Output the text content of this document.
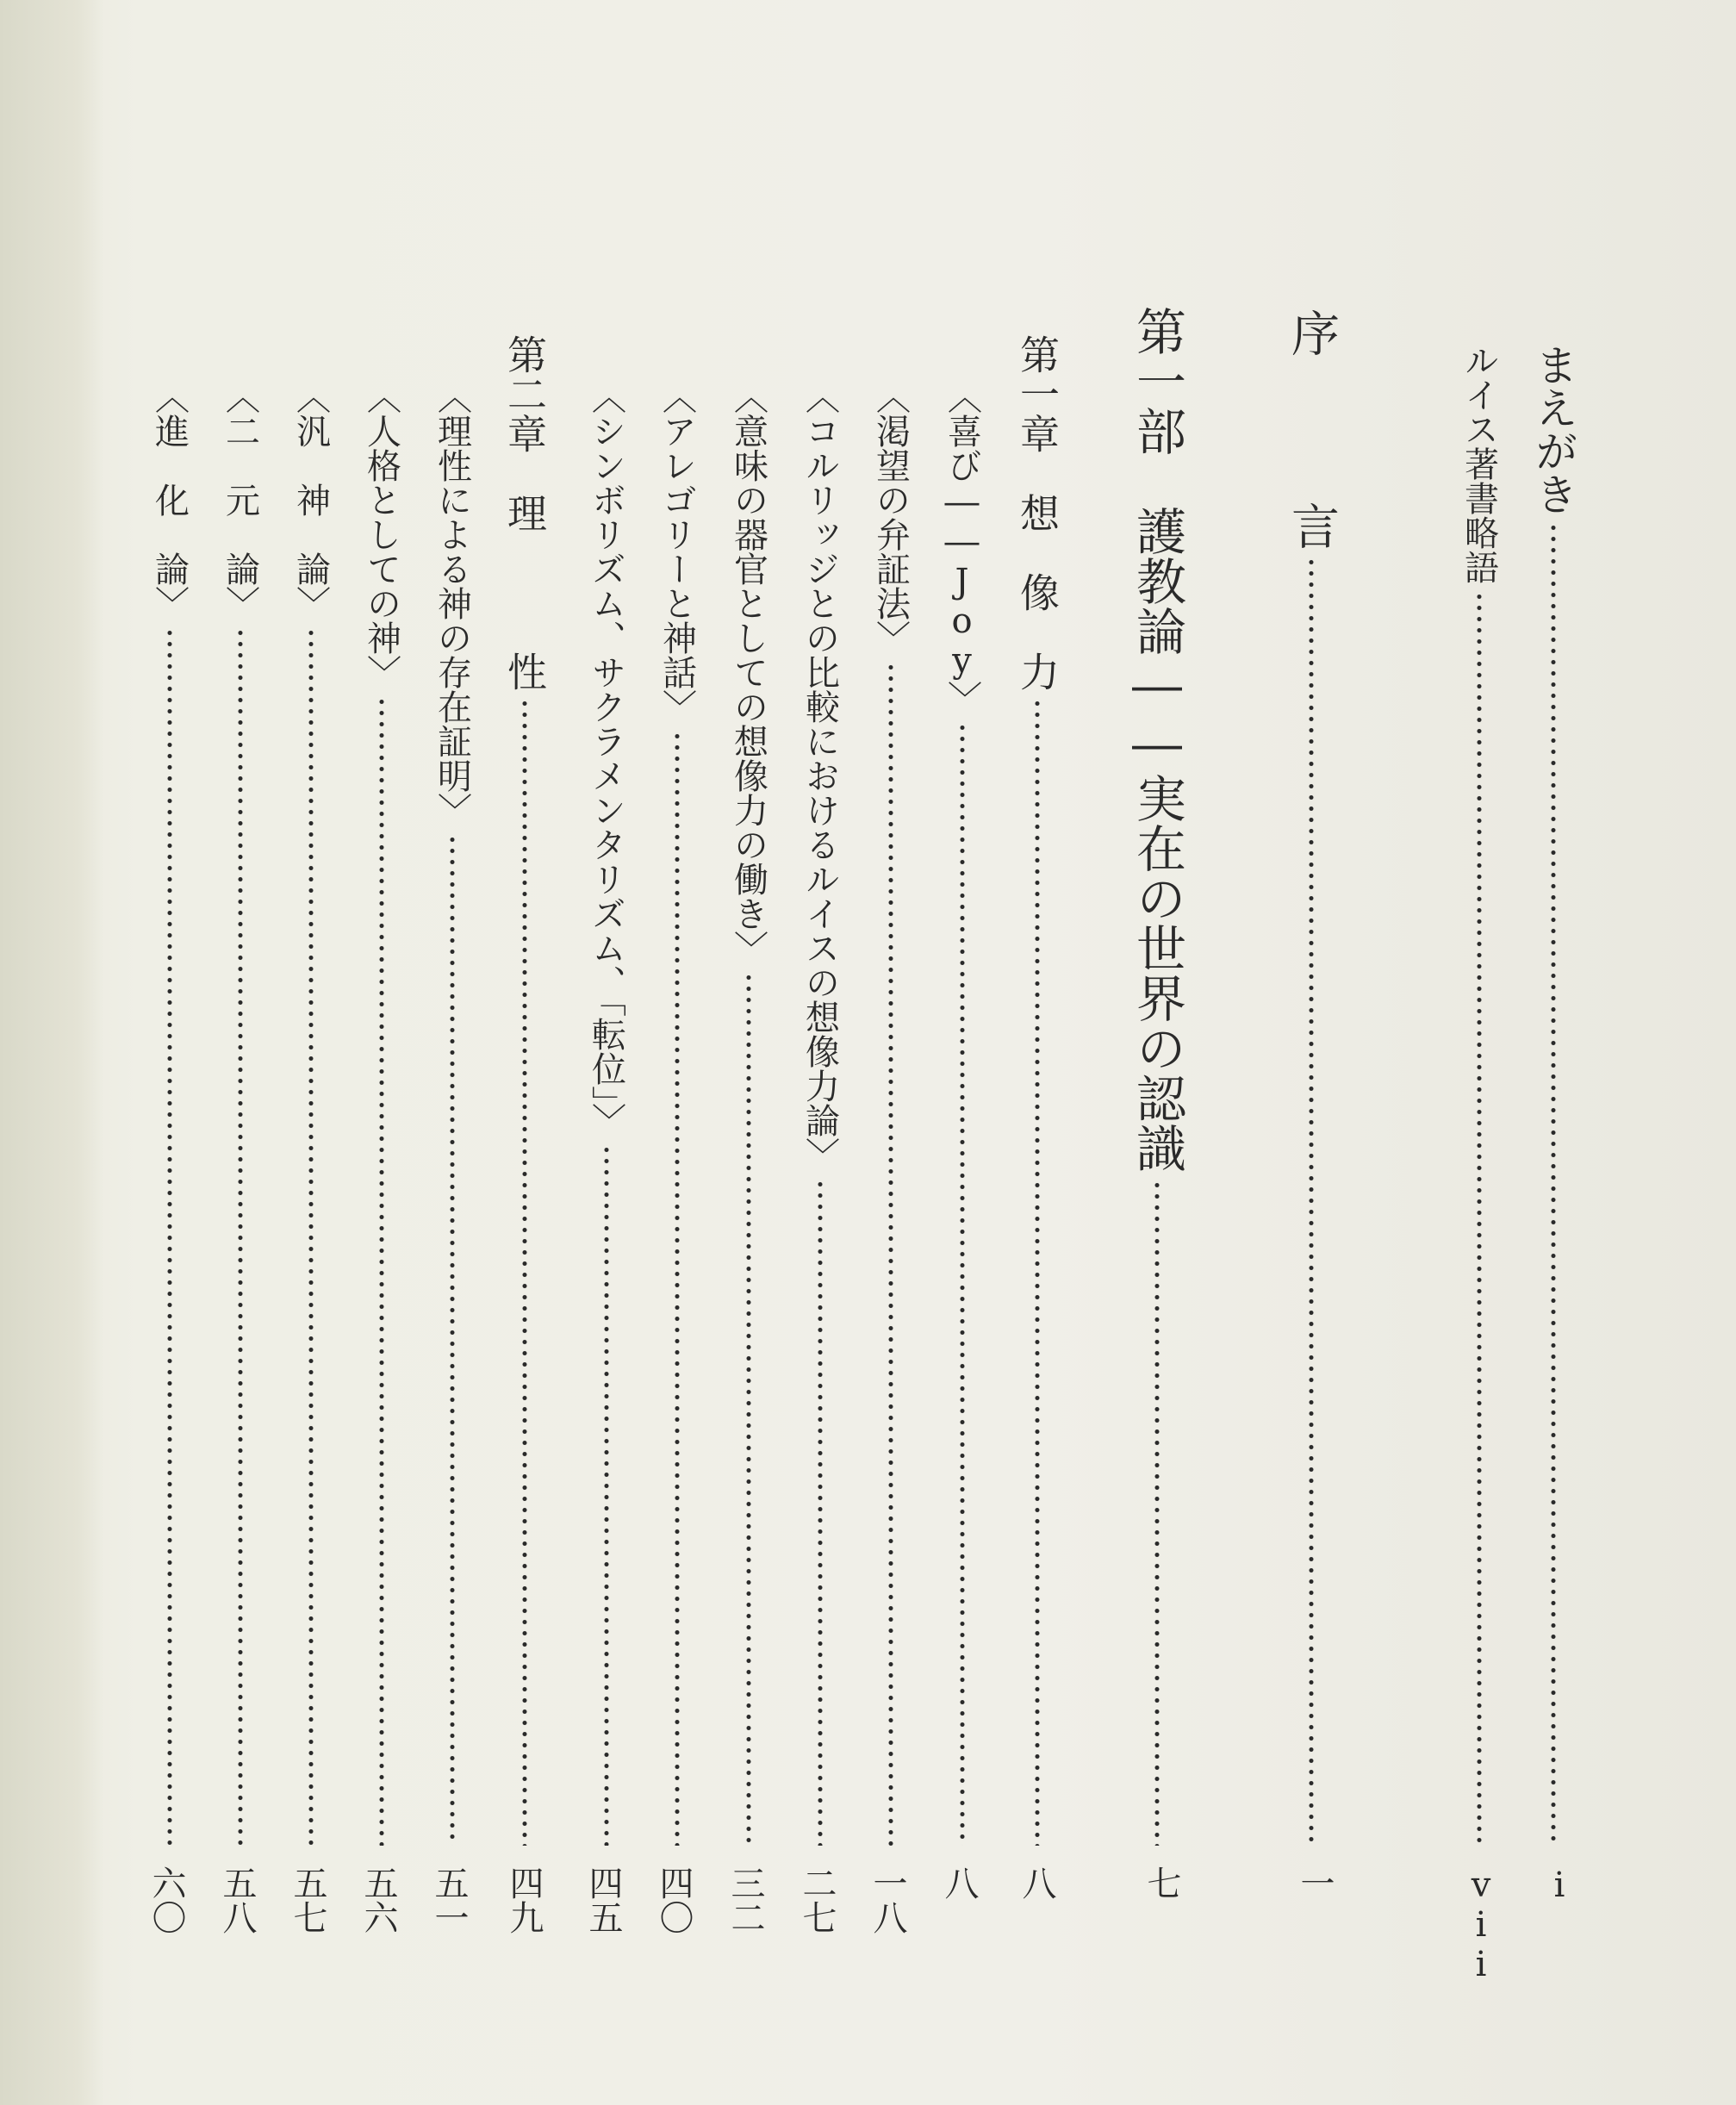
まえがき
i
ルイス著書略語
vii
序　　　言
一
第一部　護教論――実在の世界の認識
七
第一章　想　像　力
八
〈喜び――Joy〉
八
〈渇望の弁証法〉
一八
〈コルリッジとの比較におけるルイスの想像力論〉
二七
〈意味の器官としての想像力の働き〉
三二
〈アレゴリーと神話〉
四〇
〈シンボリズム、サクラメンタリズム、「転位」〉
四五
第二章　理　　　性
四九
〈理性による神の存在証明〉
五一
〈人格としての神〉
五六
〈汎　神　論〉
五七
〈二　元　論〉
五八
〈進　化　論〉
六〇
